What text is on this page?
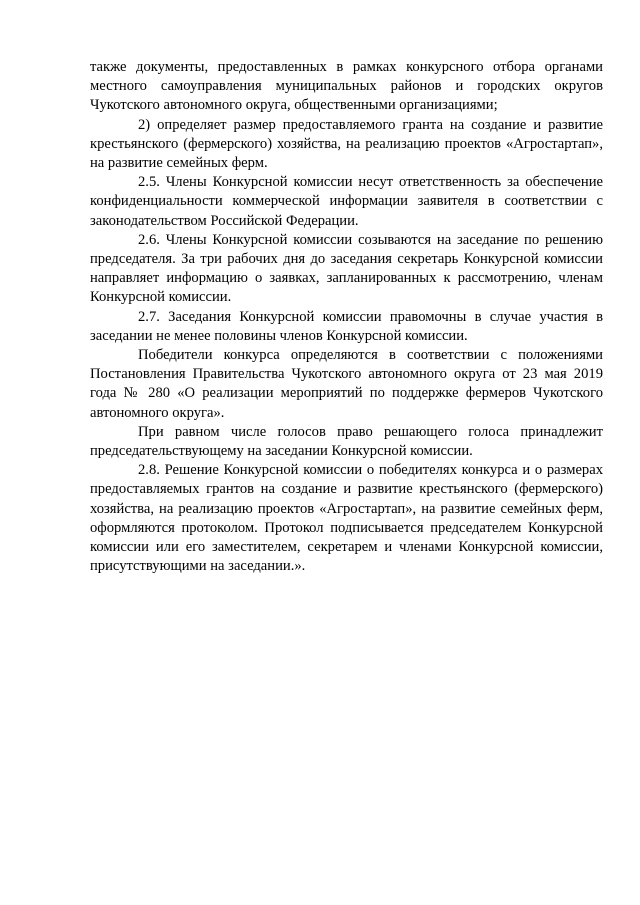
также документы, предоставленных в рамках конкурсного отбора органами местного самоуправления муниципальных районов и городских округов Чукотского автономного округа, общественными организациями;

2) определяет размер предоставляемого гранта на создание и развитие крестьянского (фермерского) хозяйства, на реализацию проектов «Агростартап», на развитие семейных ферм.

2.5. Члены Конкурсной комиссии несут ответственность за обеспечение конфиденциальности коммерческой информации заявителя в соответствии с законодательством Российской Федерации.

2.6. Члены Конкурсной комиссии созываются на заседание по решению председателя. За три рабочих дня до заседания секретарь Конкурсной комиссии направляет информацию о заявках, запланированных к рассмотрению, членам Конкурсной комиссии.

2.7. Заседания Конкурсной комиссии правомочны в случае участия в заседании не менее половины членов Конкурсной комиссии.

Победители конкурса определяются в соответствии с положениями Постановления Правительства Чукотского автономного округа от 23 мая 2019 года № 280 «О реализации мероприятий по поддержке фермеров Чукотского автономного округа».

При равном числе голосов право решающего голоса принадлежит председательствующему на заседании Конкурсной комиссии.

2.8. Решение Конкурсной комиссии о победителях конкурса и о размерах предоставляемых грантов на создание и развитие крестьянского (фермерского) хозяйства, на реализацию проектов «Агростартап», на развитие семейных ферм, оформляются протоколом. Протокол подписывается председателем Конкурсной комиссии или его заместителем, секретарем и членами Конкурсной комиссии, присутствующими на заседании.».
